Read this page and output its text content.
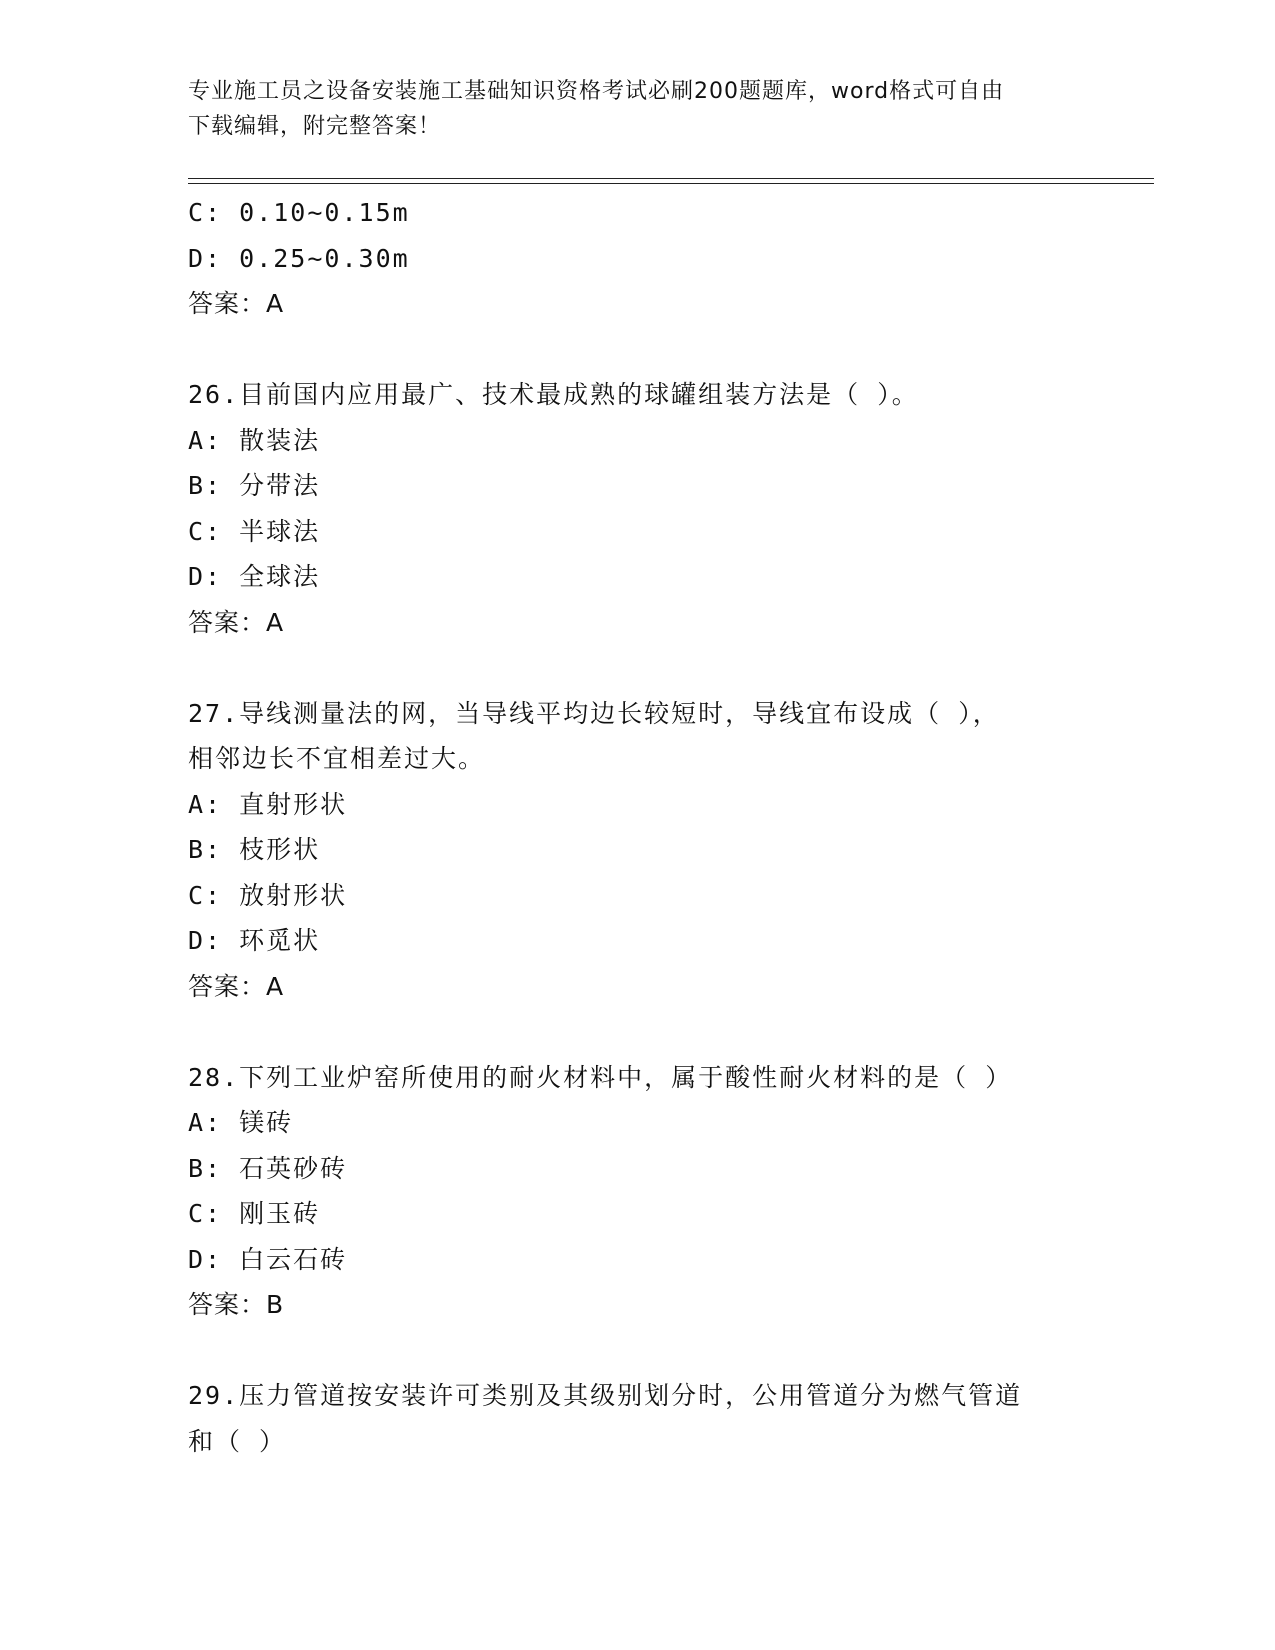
专业施工员之设备安装施工基础知识资格考试必刷200题题库，word格式可自由
下载编辑，附完整答案！
C: 0.10~0.15m
D: 0.25~0.30m
答案：A
26.目前国内应用最广、技术最成熟的球罐组装方法是（ ）。
A: 散装法
B: 分带法
C: 半球法
D: 全球法
答案：A
27.导线测量法的网，当导线平均边长较短时，导线宜布设成（ ），
相邻边长不宜相差过大。
A: 直射形状
B: 枝形状
C: 放射形状
D: 环觅状
答案：A
28.下列工业炉窑所使用的耐火材料中，属于酸性耐火材料的是（ ）
A: 镁砖
B: 石英砂砖
C: 刚玉砖
D: 白云石砖
答案：B
29.压力管道按安装许可类别及其级别划分时，公用管道分为燃气管道
和（ ）
